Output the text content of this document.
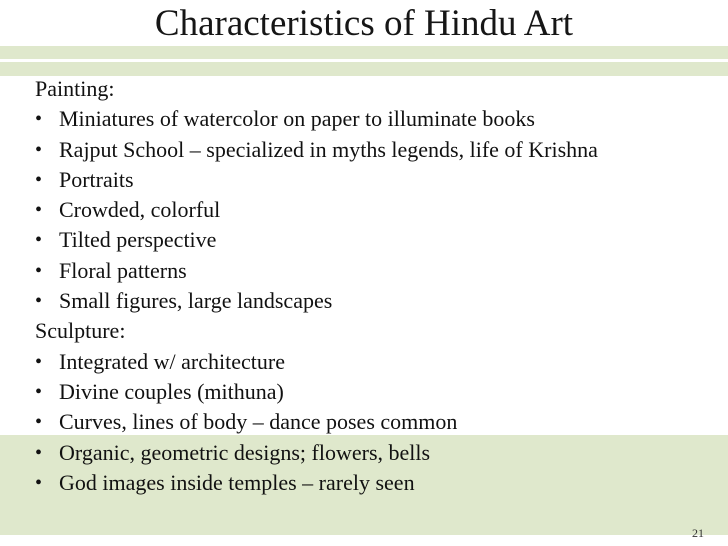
Characteristics of Hindu Art

Painting:

• Miniatures of watercolor on paper to illuminate books
• Rajput School – specialized in myths legends, life of Krishna
• Portraits
• Crowded, colorful
• Tilted perspective
• Floral patterns
• Small figures, large landscapes

Sculpture:

• Integrated w/ architecture
• Divine couples (mithuna)
• Curves, lines of body – dance poses common
• Organic, geometric designs; flowers, bells
• God images inside temples – rarely seen
21
